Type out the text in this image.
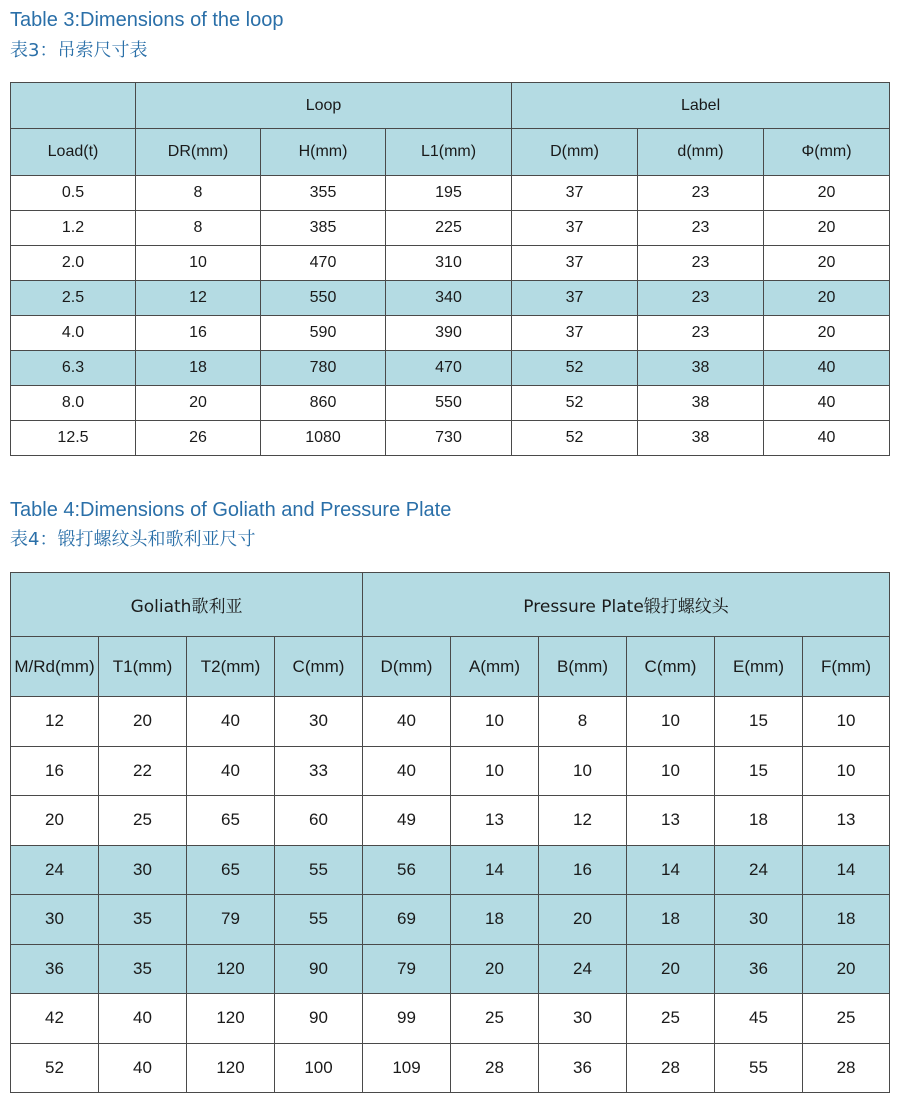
Table 3:Dimensions of the loop
表3：吊索尺寸表
	Loop			Label		
Load(t)	DR(mm)	H(mm)	L1(mm)	D(mm)	d(mm)	Φ(mm)
0.5	8	355	195	37	23	20
1.2	8	385	225	37	23	20
2.0	10	470	310	37	23	20
2.5	12	550	340	37	23	20
4.0	16	590	390	37	23	20
6.3	18	780	470	52	38	40
8.0	20	860	550	52	38	40
12.5	26	1080	730	52	38	40
Table 4:Dimensions of Goliath and Pressure Plate
表4：锻打螺纹头和歌利亚尺寸
Goliath歌利亚				Pressure Plate锻打螺纹头					
M/Rd(mm)	T1(mm)	T2(mm)	C(mm)	D(mm)	A(mm)	B(mm)	C(mm)	E(mm)	F(mm)
12	20	40	30	40	10	8	10	15	10
16	22	40	33	40	10	10	10	15	10
20	25	65	60	49	13	12	13	18	13
24	30	65	55	56	14	16	14	24	14
30	35	79	55	69	18	20	18	30	18
36	35	120	90	79	20	24	20	36	20
42	40	120	90	99	25	30	25	45	25
52	40	120	100	109	28	36	28	55	28
